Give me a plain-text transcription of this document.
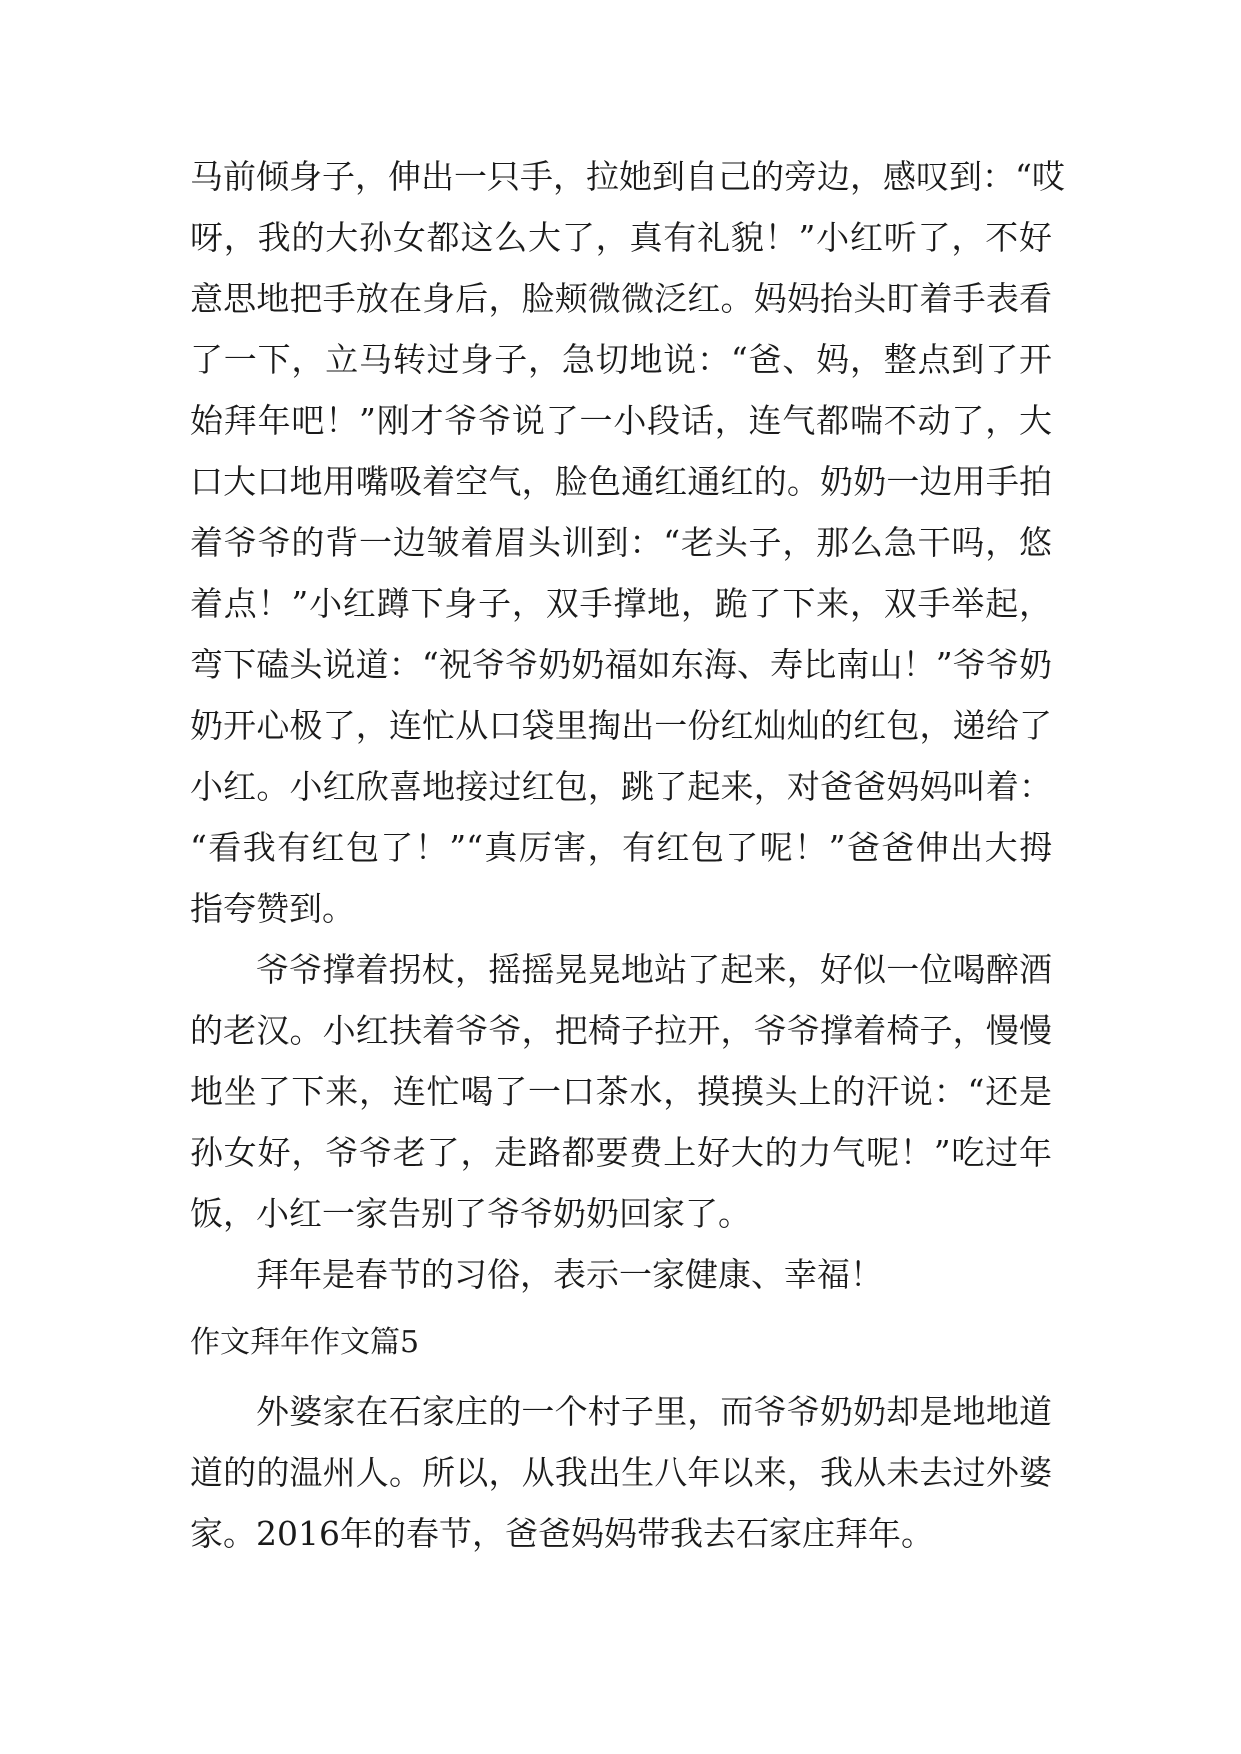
马前倾身子，伸出一只手，拉她到自己的旁边，感叹到：“哎
呀，我的大孙女都这么大了，真有礼貌！”小红听了，不好
意思地把手放在身后，脸颊微微泛红。妈妈抬头盯着手表看
了一下，立马转过身子，急切地说：“爸、妈，整点到了开
始拜年吧！”刚才爷爷说了一小段话，连气都喘不动了，大
口大口地用嘴吸着空气，脸色通红通红的。奶奶一边用手拍
着爷爷的背一边皱着眉头训到：“老头子，那么急干吗，悠
着点！”小红蹲下身子，双手撑地，跪了下来，双手举起，
弯下磕头说道：“祝爷爷奶奶福如东海、寿比南山！”爷爷奶
奶开心极了，连忙从口袋里掏出一份红灿灿的红包，递给了
小红。小红欣喜地接过红包，跳了起来，对爸爸妈妈叫着：
“看我有红包了！”“真厉害，有红包了呢！”爸爸伸出大拇
指夸赞到。
爷爷撑着拐杖，摇摇晃晃地站了起来，好似一位喝醉酒
的老汉。小红扶着爷爷，把椅子拉开，爷爷撑着椅子，慢慢
地坐了下来，连忙喝了一口茶水，摸摸头上的汗说：“还是
孙女好，爷爷老了，走路都要费上好大的力气呢！”吃过年
饭，小红一家告别了爷爷奶奶回家了。
拜年是春节的习俗，表示一家健康、幸福！
作文拜年作文篇5
外婆家在石家庄的一个村子里，而爷爷奶奶却是地地道
道的的温州人。所以，从我出生八年以来，我从未去过外婆
家。2016年的春节，爸爸妈妈带我去石家庄拜年。
